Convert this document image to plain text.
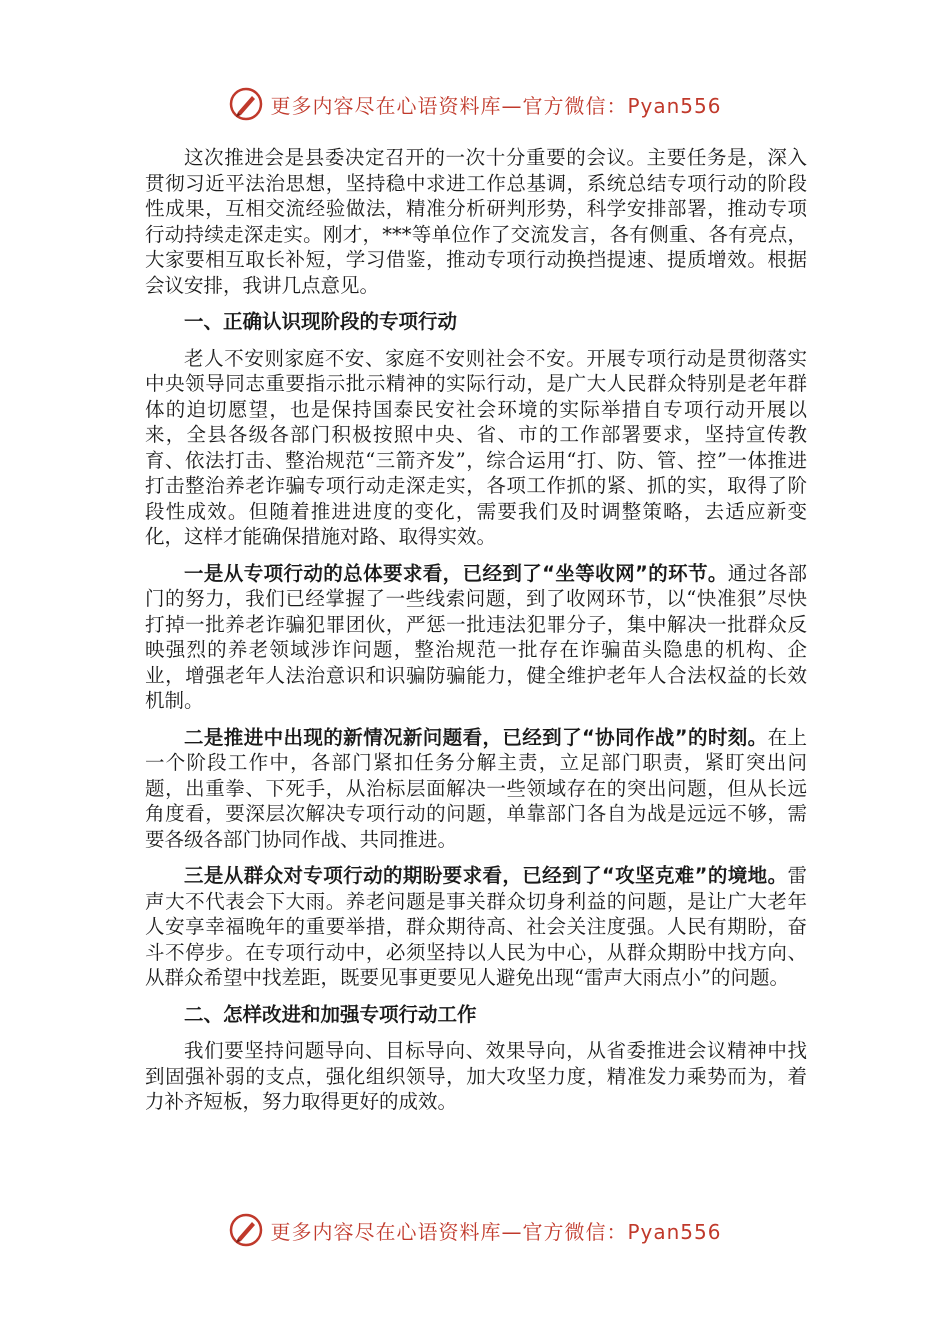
更多内容尽在心语资料库—官方微信：Pyan556

这次推进会是县委决定召开的一次十分重要的会议。主要任务是，深入贯彻习近平法治思想，坚持稳中求进工作总基调，系统总结专项行动的阶段性成果，互相交流经验做法，精准分析研判形势，科学安排部署，推动专项行动持续走深走实。刚才，***等单位作了交流发言，各有侧重、各有亮点，大家要相互取长补短，学习借鉴，推动专项行动换挡提速、提质增效。根据会议安排，我讲几点意见。

一、正确认识现阶段的专项行动

老人不安则家庭不安、家庭不安则社会不安。开展专项行动是贯彻落实中央领导同志重要指示批示精神的实际行动，是广大人民群众特别是老年群体的迫切愿望，也是保持国泰民安社会环境的实际举措自专项行动开展以来，全县各级各部门积极按照中央、省、市的工作部署要求，坚持宣传教育、依法打击、整治规范“三箭齐发”，综合运用“打、防、管、控”一体推进打击整治养老诈骗专项行动走深走实，各项工作抓的紧、抓的实，取得了阶段性成效。但随着推进进度的变化，需要我们及时调整策略，去适应新变化，这样才能确保措施对路、取得实效。

一是从专项行动的总体要求看，已经到了“坐等收网”的环节。通过各部门的努力，我们已经掌握了一些线索问题，到了收网环节，以“快准狠”尽快打掉一批养老诈骗犯罪团伙，严惩一批违法犯罪分子，集中解决一批群众反映强烈的养老领域涉诈问题，整治规范一批存在诈骗苗头隐患的机构、企业，增强老年人法治意识和识骗防骗能力，健全维护老年人合法权益的长效机制。

二是推进中出现的新情况新问题看，已经到了“协同作战”的时刻。在上一个阶段工作中，各部门紧扣任务分解主责，立足部门职责，紧盯突出问题，出重拳、下死手，从治标层面解决一些领域存在的突出问题，但从长远角度看，要深层次解决专项行动的问题，单靠部门各自为战是远远不够，需要各级各部门协同作战、共同推进。

三是从群众对专项行动的期盼要求看，已经到了“攻坚克难”的境地。雷声大不代表会下大雨。养老问题是事关群众切身利益的问题，是让广大老年人安享幸福晚年的重要举措，群众期待高、社会关注度强。人民有期盼，奋斗不停步。在专项行动中，必须坚持以人民为中心，从群众期盼中找方向、从群众希望中找差距，既要见事更要见人避免出现“雷声大雨点小”的问题。

二、怎样改进和加强专项行动工作

我们要坚持问题导向、目标导向、效果导向，从省委推进会议精神中找到固强补弱的支点，强化组织领导，加大攻坚力度，精准发力乘势而为，着力补齐短板，努力取得更好的成效。

更多内容尽在心语资料库—官方微信：Pyan556
